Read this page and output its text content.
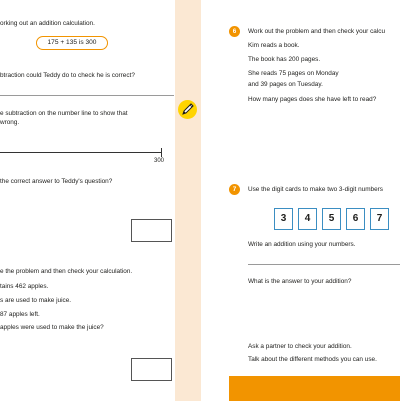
orking out an addition calculation.
175 + 135 is 300
btraction could Teddy do to check he is correct?
e subtraction on the number line to show that
wrong.
300
the correct answer to Teddy's question?
e the problem and then check your calculation.
tains 462 apples.
s are used to make juice.
87 apples left.
apples were used to make the juice?
6	Work out the problem and then check your calcu
Kim reads a book.
The book has 200 pages.
She reads 75 pages on Monday
and 39 pages on Tuesday.
How many pages does she have left to read?
7	Use the digit cards to make two 3-digit numbers
3	4	5	6	7
Write an addition using your numbers.
What is the answer to your addition?
Ask a partner to check your addition.
Talk about the different methods you can use.
